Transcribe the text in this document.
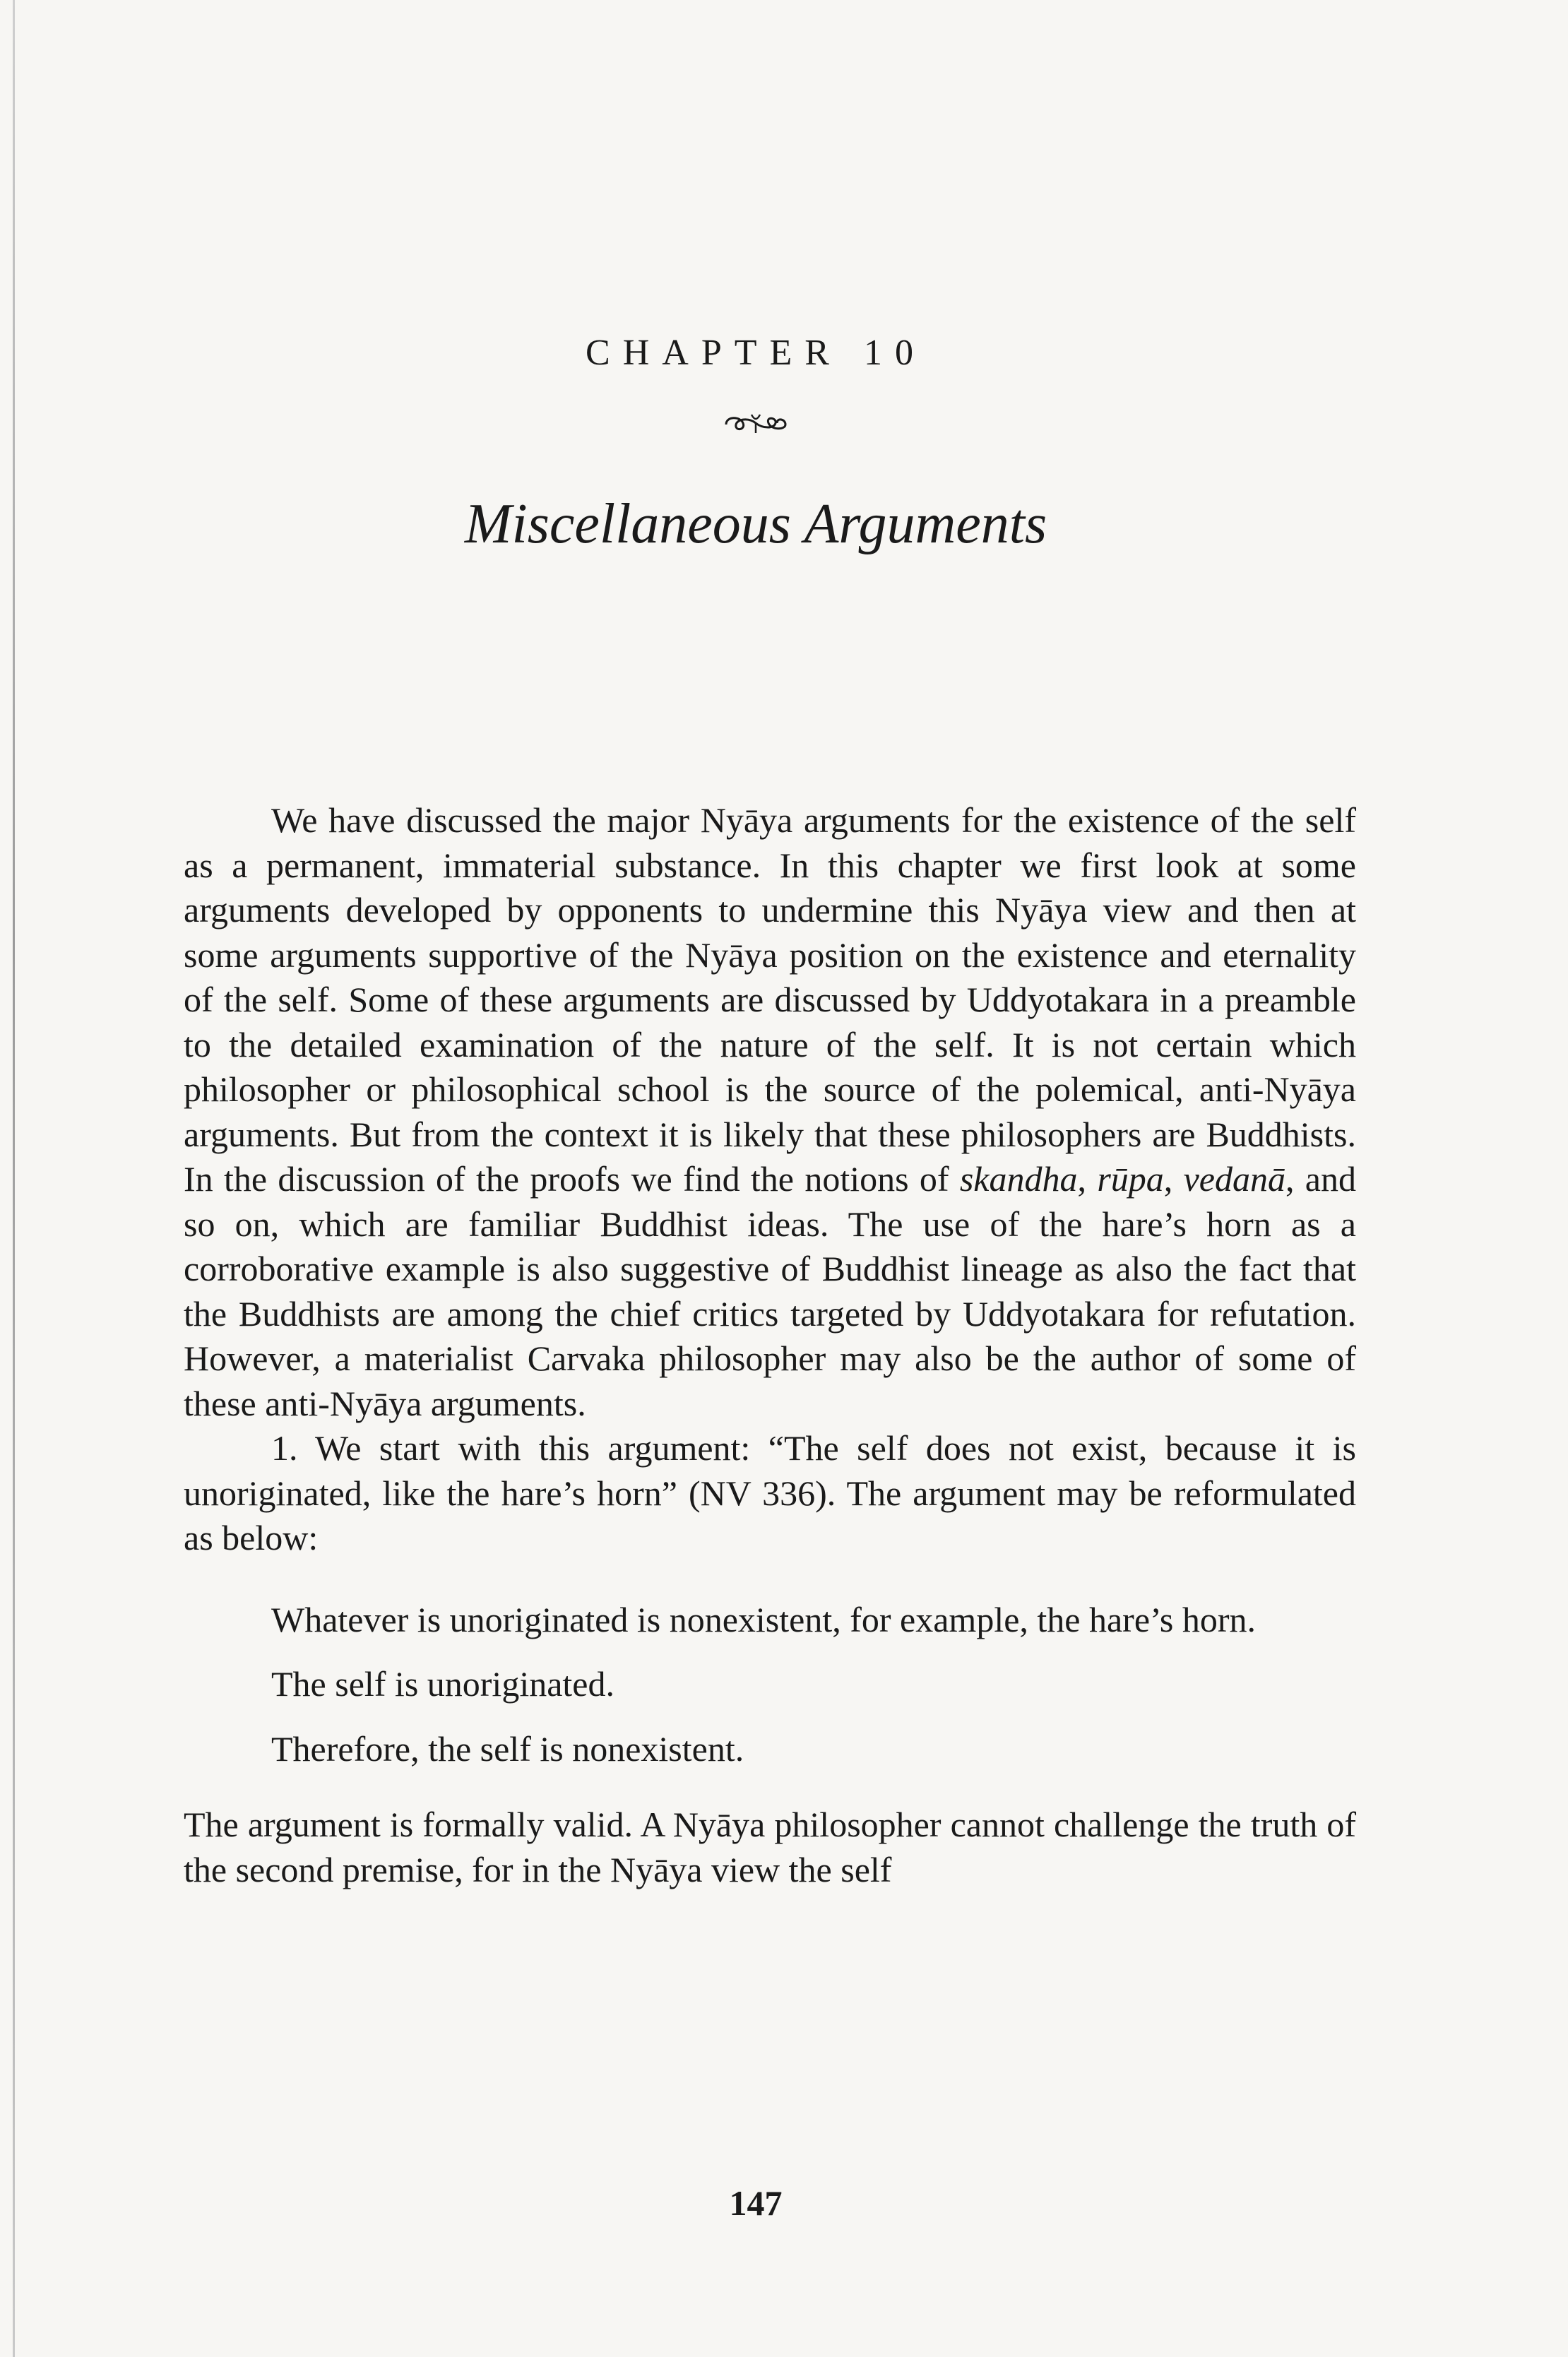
CHAPTER 10
Miscellaneous Arguments

We have discussed the major Nyāya arguments for the existence of the self as a permanent, immaterial substance. In this chapter we first look at some arguments developed by opponents to undermine this Nyāya view and then at some arguments supportive of the Nyāya position on the existence and eternality of the self. Some of these arguments are discussed by Uddyotakara in a preamble to the detailed examination of the nature of the self. It is not certain which philosopher or philosophical school is the source of the polemical, anti-Nyāya arguments. But from the context it is likely that these philosophers are Buddhists. In the discussion of the proofs we find the notions of skandha, rūpa, vedanā, and so on, which are familiar Buddhist ideas. The use of the hare’s horn as a corroborative example is also suggestive of Buddhist lineage as also the fact that the Buddhists are among the chief critics targeted by Uddyotakara for refutation. However, a materialist Carvaka philosopher may also be the author of some of these anti-Nyāya arguments.

1. We start with this argument: “The self does not exist, because it is unoriginated, like the hare’s horn” (NV 336). The argument may be reformulated as below:

Whatever is unoriginated is nonexistent, for example, the hare’s horn.

The self is unoriginated.

Therefore, the self is nonexistent.

The argument is formally valid. A Nyāya philosopher cannot challenge the truth of the second premise, for in the Nyāya view the self

147
